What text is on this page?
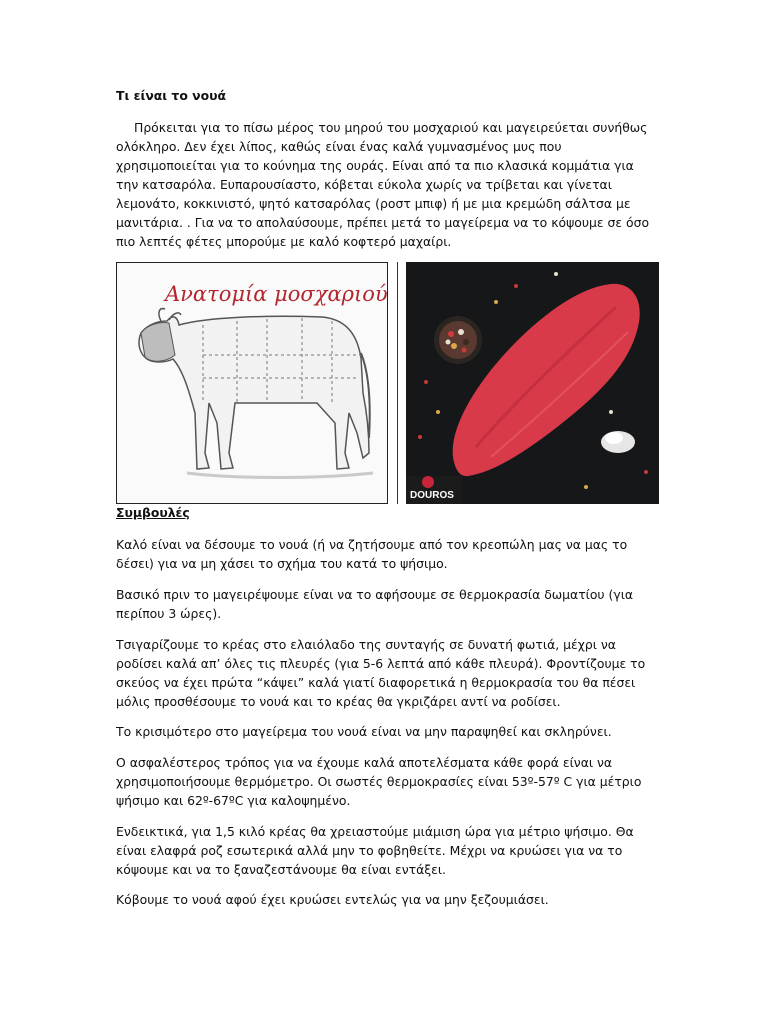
Τι είναι το νουά

Πρόκειται για το πίσω μέρος του μηρού του μοσχαριού και μαγειρεύεται συνήθως ολόκληρο. Δεν έχει λίπος, καθώς είναι ένας καλά γυμνασμένος μυς που χρησιμοποιείται για το κούνημα της ουράς. Είναι από τα πιο κλασικά κομμάτια για την κατσαρόλα. Ευπαρουσίαστο, κόβεται εύκολα χωρίς να τρίβεται και γίνεται λεμονάτο, κοκκινιστό, ψητό κατσαρόλας (ροστ μπιφ) ή με μια κρεμώδη σάλτσα με μανιτάρια. . Για να το απολαύσουμε, πρέπει μετά το μαγείρεμα να το κόψουμε σε όσο πιο λεπτές φέτες μπορούμε με καλό κοφτερό μαχαίρι.

Ανατομία μοσχαριού
DOUROS
Συμβουλές

Καλό είναι να δέσουμε το νουά (ή να ζητήσουμε από τον κρεοπώλη μας να μας το δέσει) για να μη χάσει το σχήμα του κατά το ψήσιμο.

Βασικό πριν το μαγειρέψουμε είναι να το αφήσουμε σε θερμοκρασία δωματίου (για περίπου 3 ώρες).

Τσιγαρίζουμε το κρέας στο ελαιόλαδο της συνταγής σε δυνατή φωτιά, μέχρι να ροδίσει καλά απ’ όλες τις πλευρές (για 5-6 λεπτά από κάθε πλευρά). Φροντίζουμε το σκεύος να έχει πρώτα “κάψει” καλά γιατί διαφορετικά η θερμοκρασία του θα πέσει μόλις προσθέσουμε το νουά και το κρέας θα γκριζάρει αντί να ροδίσει.

Το κρισιμότερο στο μαγείρεμα του νουά είναι να μην παραψηθεί και σκληρύνει.

Ο ασφαλέστερος τρόπος για να έχουμε καλά αποτελέσματα κάθε φορά είναι να χρησιμοποιήσουμε θερμόμετρο. Οι σωστές θερμοκρασίες είναι 53º-57º C για μέτριο ψήσιμο και 62º-67ºC για καλοψημένο.

Ενδεικτικά, για 1,5 κιλό κρέας θα χρειαστούμε μιάμιση ώρα για μέτριο ψήσιμο. Θα είναι ελαφρά ροζ εσωτερικά αλλά μην το φοβηθείτε. Μέχρι να κρυώσει για να το κόψουμε και να το ξαναζεστάνουμε θα είναι εντάξει.

Κόβουμε το νουά αφού έχει κρυώσει εντελώς για να μην ξεζουμιάσει.
